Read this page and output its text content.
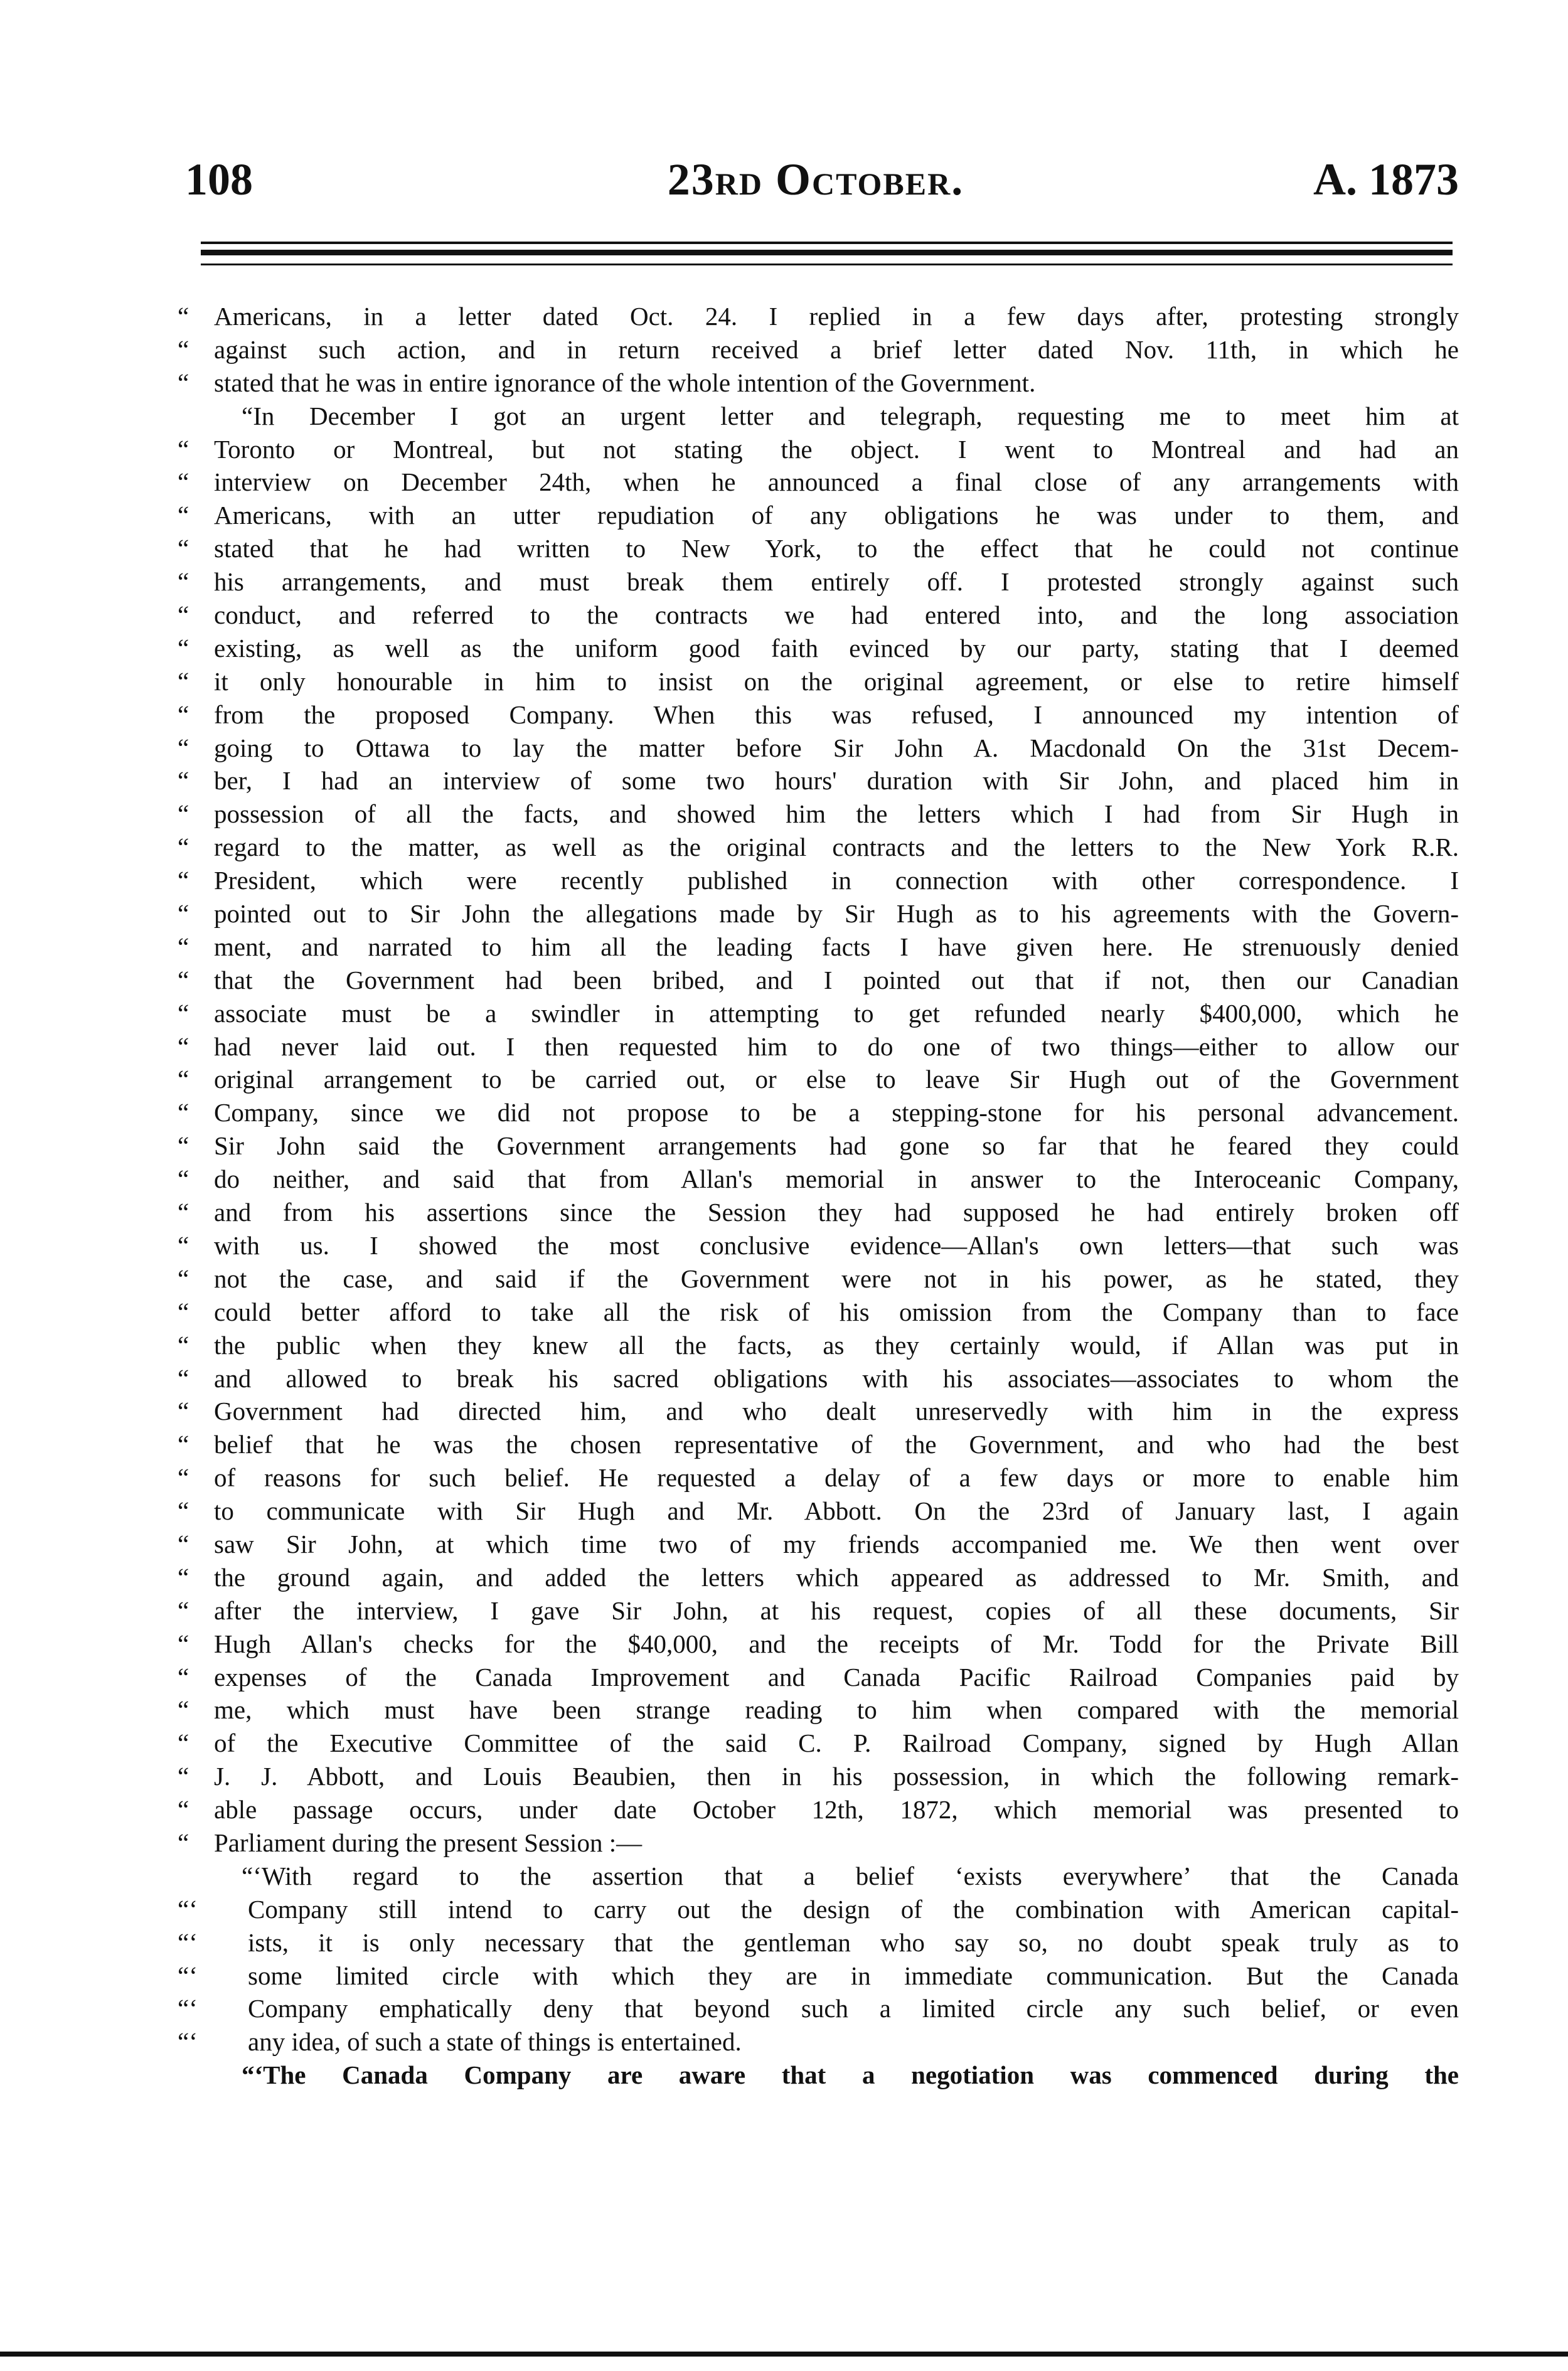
23rd October.
108	A. 1873
“ Americans, in a letter dated Oct. 24. I replied in a few days after, protesting strongly
“ against such action, and in return received a brief letter dated Nov. 11th, in which he
“ stated that he was in entire ignorance of the whole intention of the Government.
“In December I got an urgent letter and telegraph, requesting me to meet him at
“ Toronto or Montreal, but not stating the object. I went to Montreal and had an
“ interview on December 24th, when he announced a final close of any arrangements with
“ Americans, with an utter repudiation of any obligations he was under to them, and
“ stated that he had written to New York, to the effect that he could not continue
“ his arrangements, and must break them entirely off. I protested strongly against such
“ conduct, and referred to the contracts we had entered into, and the long association
“ existing, as well as the uniform good faith evinced by our party, stating that I deemed
“ it only honourable in him to insist on the original agreement, or else to retire himself
“ from the proposed Company. When this was refused, I announced my intention of
“ going to Ottawa to lay the matter before Sir John A. Macdonald On the 31st Decem-
“ ber, I had an interview of some two hours' duration with Sir John, and placed him in
“ possession of all the facts, and showed him the letters which I had from Sir Hugh in
“ regard to the matter, as well as the original contracts and the letters to the New York R.R.
“ President, which were recently published in connection with other correspondence. I
“ pointed out to Sir John the allegations made by Sir Hugh as to his agreements with the Govern-
“ ment, and narrated to him all the leading facts I have given here. He strenuously denied
“ that the Government had been bribed, and I pointed out that if not, then our Canadian
“ associate must be a swindler in attempting to get refunded nearly $400,000, which he
“ had never laid out. I then requested him to do one of two things—either to allow our
“ original arrangement to be carried out, or else to leave Sir Hugh out of the Government
“ Company, since we did not propose to be a stepping-stone for his personal advancement.
“ Sir John said the Government arrangements had gone so far that he feared they could
“ do neither, and said that from Allan's memorial in answer to the Interoceanic Company,
“ and from his assertions since the Session they had supposed he had entirely broken off
“ with us. I showed the most conclusive evidence—Allan's own letters—that such was
“ not the case, and said if the Government were not in his power, as he stated, they
“ could better afford to take all the risk of his omission from the Company than to face
“ the public when they knew all the facts, as they certainly would, if Allan was put in
“ and allowed to break his sacred obligations with his associates—associates to whom the
“ Government had directed him, and who dealt unreservedly with him in the express
“ belief that he was the chosen representative of the Government, and who had the best
“ of reasons for such belief. He requested a delay of a few days or more to enable him
“ to communicate with Sir Hugh and Mr. Abbott. On the 23rd of January last, I again
“ saw Sir John, at which time two of my friends accompanied me. We then went over
“ the ground again, and added the letters which appeared as addressed to Mr. Smith, and
“ after the interview, I gave Sir John, at his request, copies of all these documents, Sir
“ Hugh Allan's checks for the $40,000, and the receipts of Mr. Todd for the Private Bill
“ expenses of the Canada Improvement and Canada Pacific Railroad Companies paid by
“ me, which must have been strange reading to him when compared with the memorial
“ of the Executive Committee of the said C. P. Railroad Company, signed by Hugh Allan
“ J. J. Abbott, and Louis Beaubien, then in his possession, in which the following remark-
“ able passage occurs, under date October 12th, 1872, which memorial was presented to
“ Parliament during the present Session :—
“‘With regard to the assertion that a belief ‘exists everywhere’ that the Canada
“‘	Company still intend to carry out the design of the combination with American capital-
“‘	ists, it is only necessary that the gentleman who say so, no doubt speak truly as to
“‘	some limited circle with which they are in immediate communication. But the Canada
“‘	Company emphatically deny that beyond such a limited circle any such belief, or even
“‘	any idea, of such a state of things is entertained.
“‘The Canada Company are aware that a negotiation was commenced during the
